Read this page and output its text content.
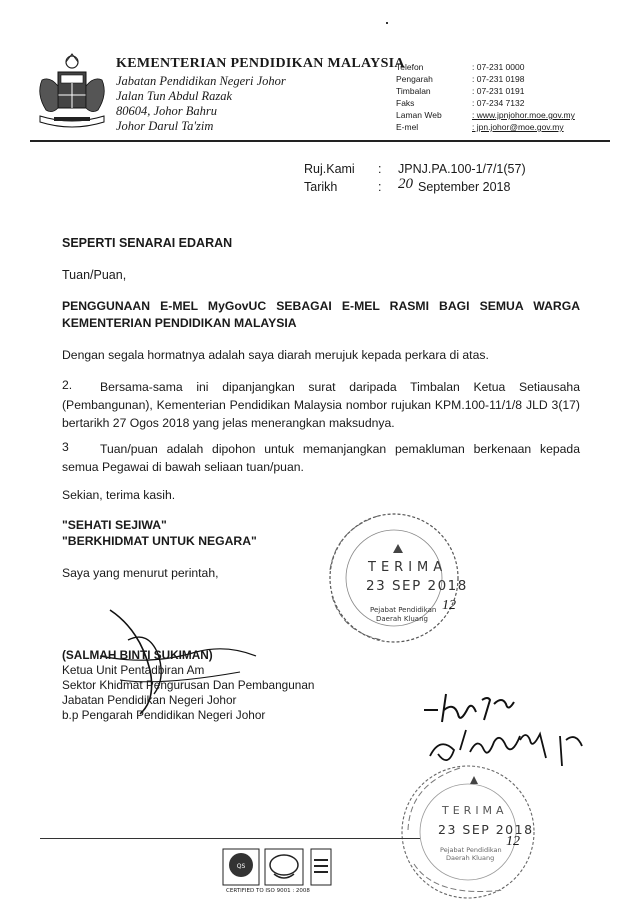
KEMENTERIAN PENDIDIKAN MALAYSIA
Jabatan Pendidikan Negeri Johor
Jalan Tun Abdul Razak
80604, Johor Bahru
Johor Darul Ta'zim
Telefon	: 07-231 0000
Pengarah	: 07-231 0198
Timbalan	: 07-231 0191
Faks	: 07-234 7132
Laman Web	: www.jpnjohor.moe.gov.my
E-mel	: jpn.johor@moe.gov.my
Ruj.Kami : JPNJ.PA.100-1/7/1(57)
Tarikh	: 20 September 2018
SEPERTI SENARAI EDARAN
Tuan/Puan,
PENGGUNAAN E-MEL MyGovUC SEBAGAI E-MEL RASMI BAGI SEMUA WARGA KEMENTERIAN PENDIDIKAN MALAYSIA
Dengan segala hormatnya adalah saya diarah merujuk kepada perkara di atas.
2.	Bersama-sama ini dipanjangkan surat daripada Timbalan Ketua Setiausaha (Pembangunan), Kementerian Pendidikan Malaysia nombor rujukan KPM.100-11/1/8 JLD 3(17) bertarikh 27 Ogos 2018 yang jelas menerangkan maksudnya.
3	Tuan/puan adalah dipohon untuk memanjangkan pemakluman berkenaan kepada semua Pegawai di bawah seliaan tuan/puan.
Sekian, terima kasih.
"SEHATI SEJIWA"
"BERKHIDMAT UNTUK NEGARA"
Saya yang menurut perintah,	TERIMA
23 SEP 2018
Pejabat Pendidikan
Daerah Kluang
12
(SALMAH BINTI SUKIMAN)
Ketua Unit Pentadbiran Am
Sektor Khidmat Pengurusan Dan Pembangunan
Jabatan Pendidikan Negeri Johor
b.p Pengarah Pendidikan Negeri Johor
TERIMA
23 SEP 2018
Pejabat Pendidikan
Daerah Kluang
12
QS
CERTIFIED TO ISO 9001 : 2008
